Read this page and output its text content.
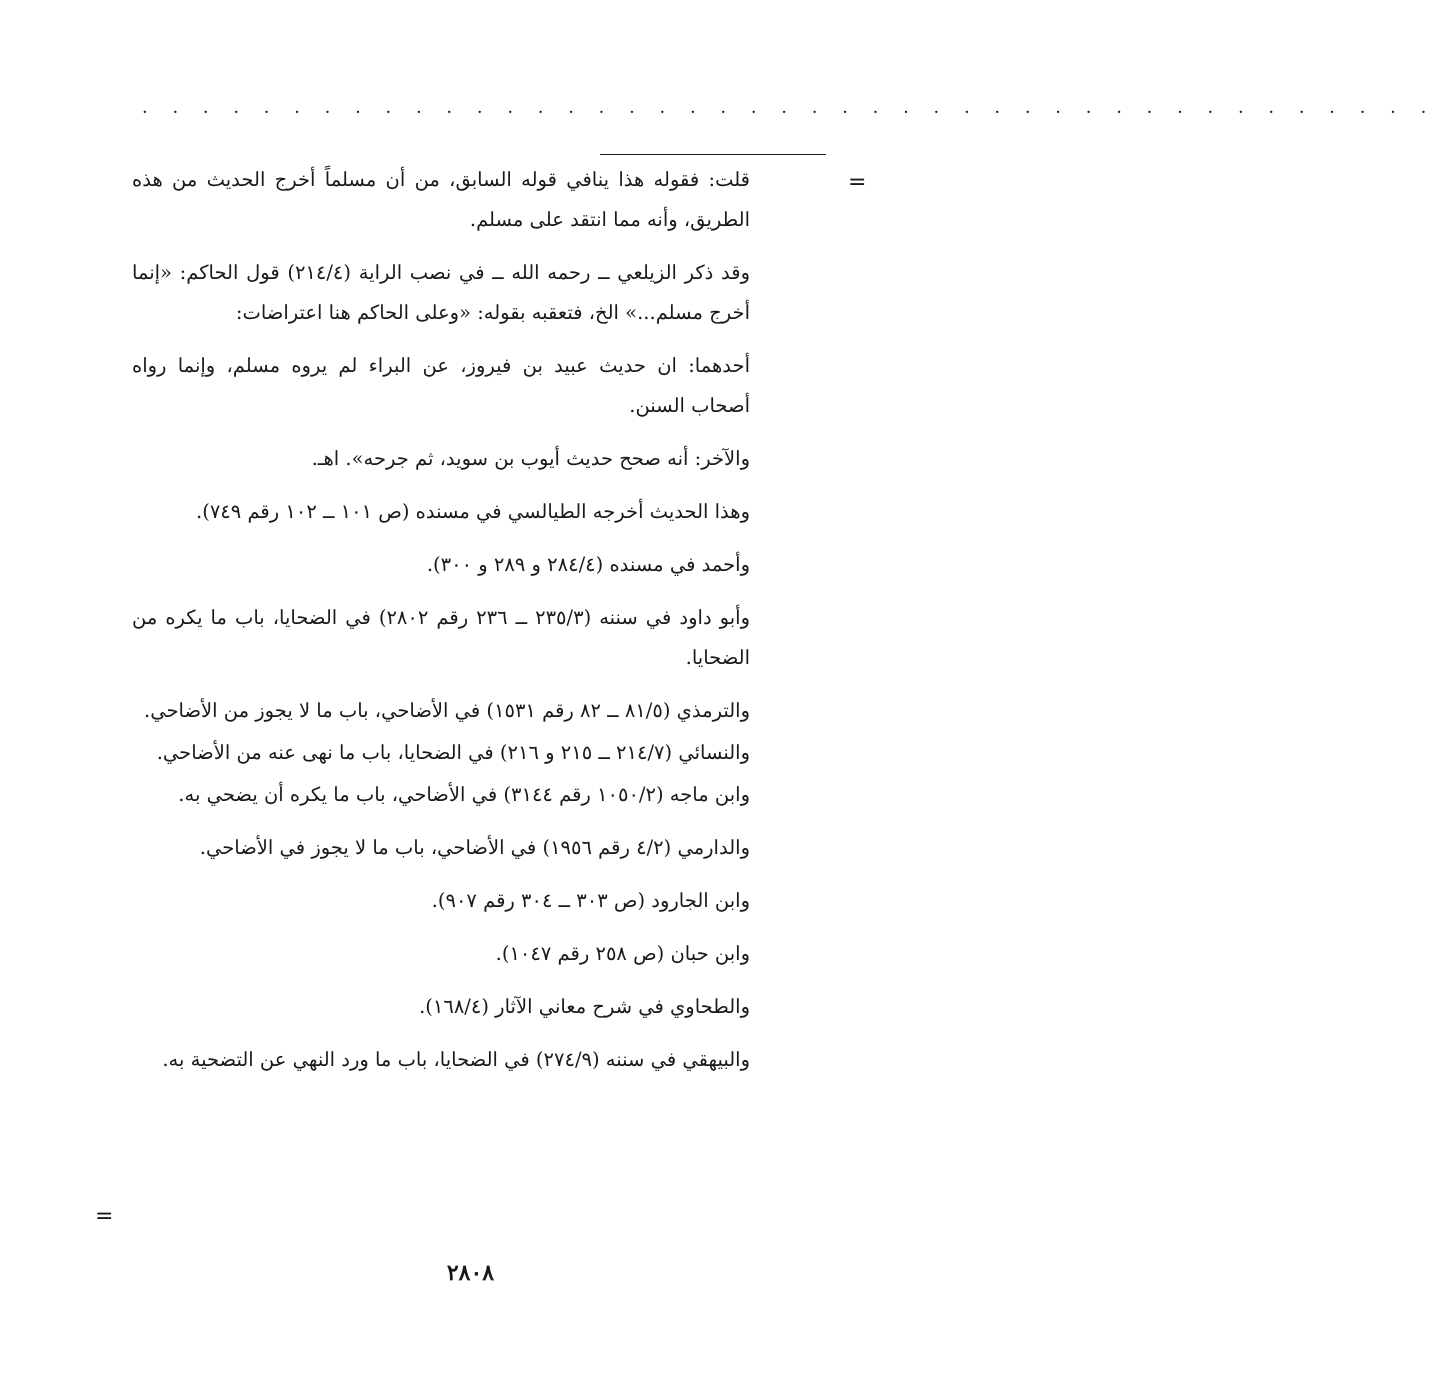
· · · · · · · · · · · · · · · · · · · · · · · · · · · · · · · · · · · · · · · · · · ·
=

قلت: فقوله هذا ينافي قوله السابق، من أن مسلماً أخرج الحديث من هذه الطريق، وأنه مما انتقد على مسلم.

وقد ذكر الزيلعي ــ رحمه الله ــ في نصب الراية (٢١٤/٤) قول الحاكم: «إنما أخرج مسلم...» الخ، فتعقبه بقوله: «وعلى الحاكم هنا اعتراضات:

أحدهما: ان حديث عبيد بن فيروز، عن البراء لم يروه مسلم، وإنما رواه أصحاب السنن.

والآخر: أنه صحح حديث أيوب بن سويد، ثم جرحه». اهـ.

وهذا الحديث أخرجه الطيالسي في مسنده (ص ١٠١ ــ ١٠٢ رقم ٧٤٩).

وأحمد في مسنده (٢٨٤/٤ و ٢٨٩ و ٣٠٠).

وأبو داود في سننه (٢٣٥/٣ ــ ٢٣٦ رقم ٢٨٠٢) في الضحايا، باب ما يكره من الضحايا.

والترمذي (٨١/٥ ــ ٨٢ رقم ١٥٣١) في الأضاحي، باب ما لا يجوز من الأضاحي.

والنسائي (٢١٤/٧ ــ ٢١٥ و ٢١٦) في الضحايا، باب ما نهى عنه من الأضاحي.

وابن ماجه (١٠٥٠/٢ رقم ٣١٤٤) في الأضاحي، باب ما يكره أن يضحي به.

والدارمي (٤/٢ رقم ١٩٥٦) في الأضاحي، باب ما لا يجوز في الأضاحي.

وابن الجارود (ص ٣٠٣ ــ ٣٠٤ رقم ٩٠٧).

وابن حبان (ص ٢٥٨ رقم ١٠٤٧).

والطحاوي في شرح معاني الآثار (١٦٨/٤).

والبيهقي في سننه (٢٧٤/٩) في الضحايا، باب ما ورد النهي عن التضحية به.

=
٢٨٠٨
